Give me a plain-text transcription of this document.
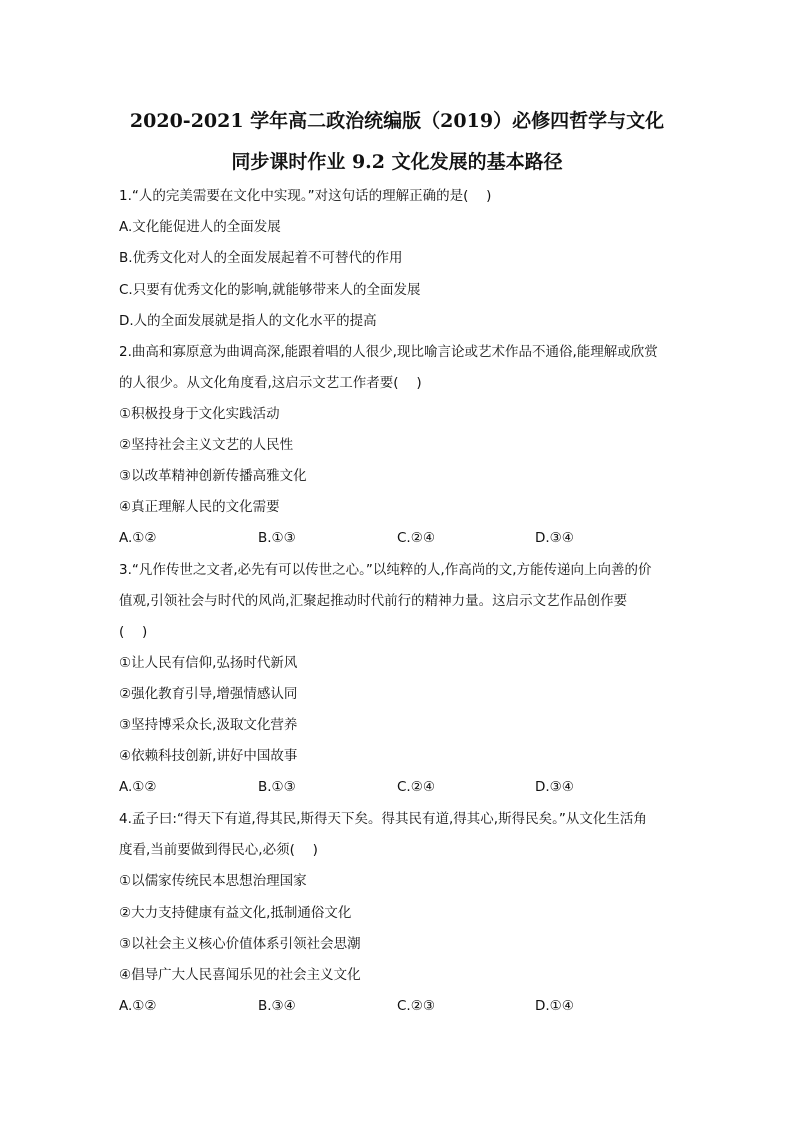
2020-2021 学年高二政治统编版（2019）必修四哲学与文化
同步课时作业 9.2 文化发展的基本路径
1.“人的完美需要在文化中实现。”对这句话的理解正确的是(　 )
A.文化能促进人的全面发展
B.优秀文化对人的全面发展起着不可替代的作用
C.只要有优秀文化的影响,就能够带来人的全面发展
D.人的全面发展就是指人的文化水平的提高
2.曲高和寡原意为曲调高深,能跟着唱的人很少,现比喻言论或艺术作品不通俗,能理解或欣赏
的人很少。从文化角度看,这启示文艺工作者要(　 )
①积极投身于文化实践活动
②坚持社会主义文艺的人民性
③以改革精神创新传播高雅文化
④真正理解人民的文化需要
A.①②	B.①③	C.②④	D.③④
3.“凡作传世之文者,必先有可以传世之心。”以纯粹的人,作高尚的文,方能传递向上向善的价
值观,引领社会与时代的风尚,汇聚起推动时代前行的精神力量。这启示文艺作品创作要
(　 )
①让人民有信仰,弘扬时代新风
②强化教育引导,增强情感认同
③坚持博采众长,汲取文化营养
④依赖科技创新,讲好中国故事
A.①②	B.①③	C.②④	D.③④
4.孟子曰:“得天下有道,得其民,斯得天下矣。得其民有道,得其心,斯得民矣。”从文化生活角
度看,当前要做到得民心,必须(　 )
①以儒家传统民本思想治理国家
②大力支持健康有益文化,抵制通俗文化
③以社会主义核心价值体系引领社会思潮
④倡导广大人民喜闻乐见的社会主义文化
A.①②	B.③④	C.②③	D.①④
